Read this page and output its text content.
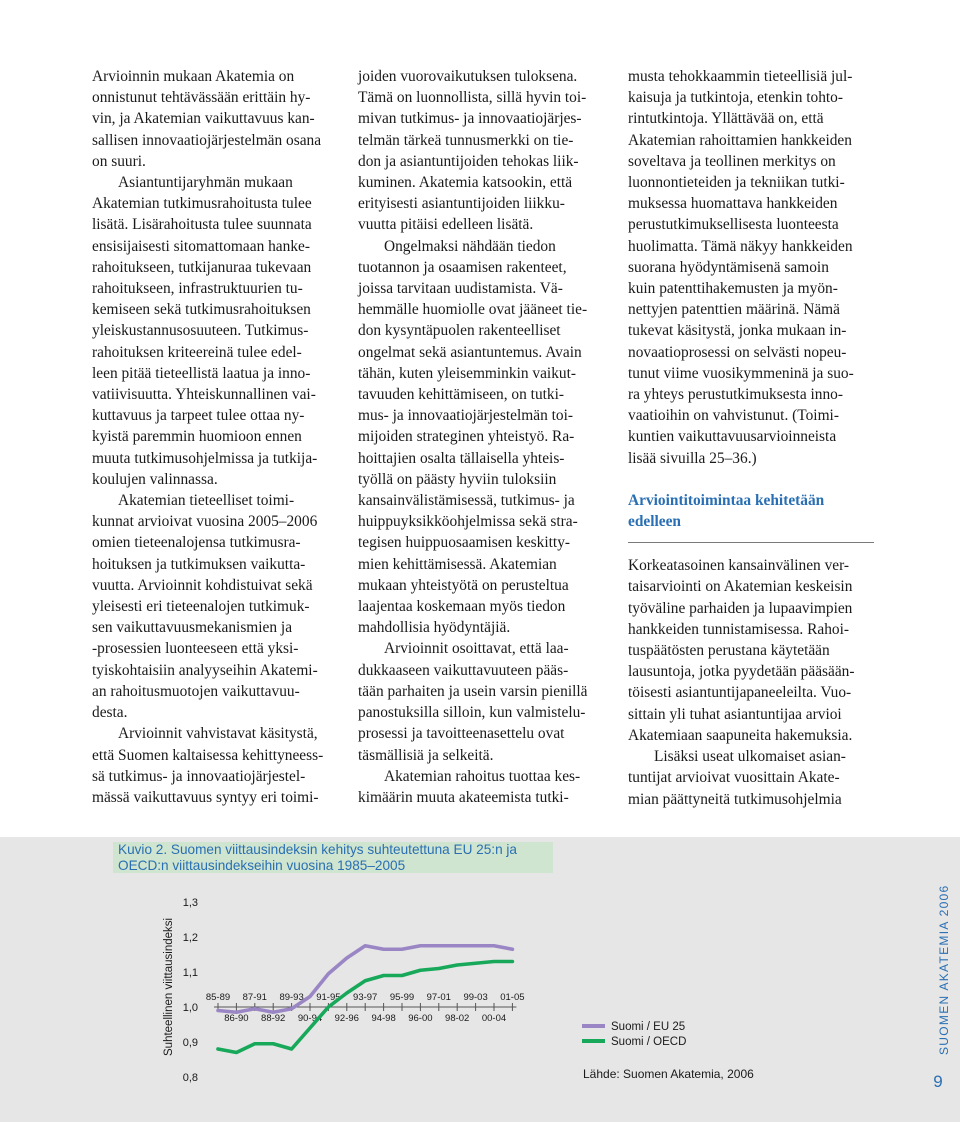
Arvioinnin mukaan Akatemia on
onnistunut tehtävässään erittäin hy-
vin, ja Akatemian vaikuttavuus kan-
sallisen innovaatiojärjestelmän osana
on suuri.

Asiantuntijaryhmän mukaan
Akatemian tutkimusrahoitusta tulee
lisätä. Lisärahoitusta tulee suunnata
ensisijaisesti sitomattomaan hanke-
rahoitukseen, tutkijanuraa tukevaan
rahoitukseen, infrastruktuurien tu-
kemiseen sekä tutkimusrahoituksen
yleiskustannusosuuteen. Tutkimus-
rahoituksen kriteereinä tulee edel-
leen pitää tieteellistä laatua ja inno-
vatiivisuutta. Yhteiskunnallinen vai-
kuttavuus ja tarpeet tulee ottaa ny-
kyistä paremmin huomioon ennen
muuta tutkimusohjelmissa ja tutkija-
koulujen valinnassa.

Akatemian tieteelliset toimi-
kunnat arvioivat vuosina 2005–2006
omien tieteenalojensa tutkimusra-
hoituksen ja tutkimuksen vaikutta-
vuutta. Arvioinnit kohdistuivat sekä
yleisesti eri tieteenalojen tutkimuk-
sen vaikuttavuusmekanismien ja
-prosessien luonteeseen että yksi-
tyiskohtaisiin analyyseihin Akatemi-
an rahoitusmuotojen vaikuttavuu-
desta.

Arvioinnit vahvistavat käsitystä,
että Suomen kaltaisessa kehittyneess-
sä tutkimus- ja innovaatiojärjestel-
mässä vaikuttavuus syntyy eri toimi-

joiden vuorovaikutuksen tuloksena.
Tämä on luonnollista, sillä hyvin toi-
mivan tutkimus- ja innovaatiojärjes-
telmän tärkeä tunnusmerkki on tie-
don ja asiantuntijoiden tehokas liik-
kuminen. Akatemia katsookin, että
erityisesti asiantuntijoiden liikku-
vuutta pitäisi edelleen lisätä.

Ongelmaksi nähdään tiedon
tuotannon ja osaamisen rakenteet,
joissa tarvitaan uudistamista. Vä-
hemmälle huomiolle ovat jääneet tie-
don kysyntäpuolen rakenteelliset
ongelmat sekä asiantuntemus. Avain
tähän, kuten yleisemminkin vaikut-
tavuuden kehittämiseen, on tutki-
mus- ja innovaatiojärjestelmän toi-
mijoiden strateginen yhteistyö. Ra-
hoittajien osalta tällaisella yhteis-
työllä on päästy hyviin tuloksiin
kansainvälistämisessä, tutkimus- ja
huippuyksikköohjelmissa sekä stra-
tegisen huippuosaamisen keskitty-
mien kehittämisessä. Akatemian
mukaan yhteistyötä on perusteltua
laajentaa koskemaan myös tiedon
mahdollisia hyödyntäjiä.

Arvioinnit osoittavat, että laa-
dukkaaseen vaikuttavuuteen pääs-
tään parhaiten ja usein varsin pienillä
panostuksilla silloin, kun valmistelu-
prosessi ja tavoitteenasettelu ovat
täsmällisiä ja selkeitä.

Akatemian rahoitus tuottaa kes-
kimäärin muuta akateemista tutki-

musta tehokkaammin tieteellisiä jul-
kaisuja ja tutkintoja, etenkin tohto-
rintutkintoja. Yllättävää on, että
Akatemian rahoittamien hankkeiden
soveltava ja teollinen merkitys on
luonnontieteiden ja tekniikan tutki-
muksessa huomattava hankkeiden
perustutkimuksellisesta luonteesta
huolimatta. Tämä näkyy hankkeiden
suorana hyödyntämisenä samoin
kuin patenttihakemusten ja myön-
nettyjen patenttien määrinä. Nämä
tukevat käsitystä, jonka mukaan in-
novaatioprosessi on selvästi nopeu-
tunut viime vuosikymmeninä ja suo-
ra yhteys perustutkimuksesta inno-
vaatioihin on vahvistunut. (Toimi-
kuntien vaikuttavuusarvioinneista
lisää sivuilla 25–36.)

Arviointitoimintaa kehitetään
edelleen

Korkeatasoinen kansainvälinen ver-
taisarviointi on Akatemian keskeisin
työväline parhaiden ja lupaavimpien
hankkeiden tunnistamisessa. Rahoi-
tuspäätösten perustana käytetään
lausuntoja, jotka pyydetään pääsään-
töisesti asiantuntijapaneeleilta. Vuo-
sittain yli tuhat asiantuntijaa arvioi
Akatemiaan saapuneita hakemuksia.

Lisäksi useat ulkomaiset asian-
tuntijat arvioivat vuosittain Akate-
mian päättyneitä tutkimusohjelmia

Kuvio 2. Suomen viittausindeksin kehitys suhteutettuna EU 25:n ja
OECD:n viittausindekseihin vuosina 1985–2005
Suhteellinen viittausindeksi
1,3
1,2
1,1
1,0
0,9
0,8
85-89
86-90
87-91
88-92
89-93
90-94
91-95
92-96
93-97
94-98
95-99
96-00
97-01
98-02
99-03
00-04
01-05
Suomi / EU 25
Suomi / OECD
Lähde: Suomen Akatemia, 2006
SUOMEN AKATEMIA 2006
9
